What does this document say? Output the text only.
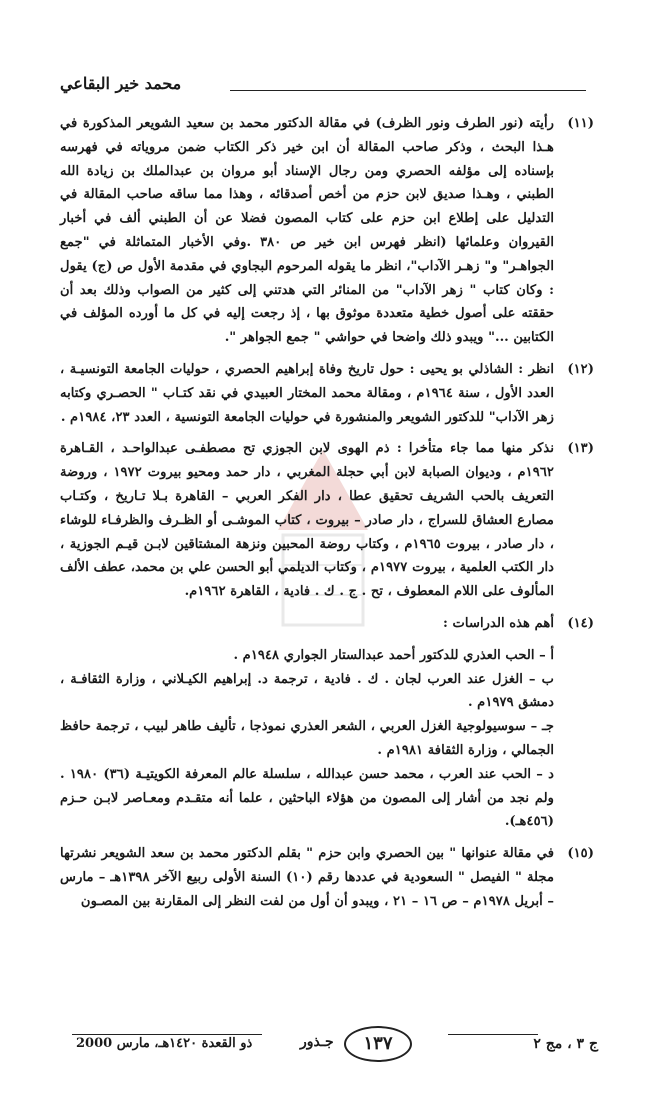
محمد خير البقاعي
(١١)

رأيته (نور الطرف ونور الظرف) في مقالة الدكتور محمد بن سعيد الشويعر المذكورة في هـذا البحث ، وذكر صاحب المقالة أن ابن خير ذكر الكتاب ضمن مروياته في فهرسه بإسناده إلى مؤلفه الحصري ومن رجال الإسناد أبو مروان بن عبدالملك بن زيادة الله الطبني ، وهـذا صديق لابن حزم من أخص أصدقائه ، وهذا مما ساقه صاحب المقالة في التدليل على إطلاع ابن حزم على كتاب المصون فضلا عن أن الطبني ألف في أخبار القيروان وعلمائها (انظر فهرس ابن خير ص ٣٨٠ .وفي الأخبار المتماثلة في "جمع الجواهـر" و" زهـر الآداب"، انظر ما يقوله المرحوم البجاوي في مقدمة الأول ص (ج) يقول : وكان كتاب " زهر الآداب" من المنائر التي هدتني إلى كثير من الصواب وذلك بعد أن حققته على أصول خطية متعددة موثوق بها ، إذ رجعت إليه في كل ما أورده المؤلف في الكتابين ..." ويبدو ذلك واضحا في حواشي " جمع الجواهر ".

(١٢)

انظر : الشاذلي بو يحيى : حول تاريخ وفاة إبراهيم الحصري ، حوليات الجامعة التونسيـة ، العدد الأول ، سنة ١٩٦٤م ، ومقالة محمد المختار العبيدي في نقد كتـاب " الحصـري وكتابه زهر الآداب" للدكتور الشويعر والمنشورة في حوليات الجامعة التونسية ، العدد ٢٣، ١٩٨٤م .

(١٣)

نذكر منها مما جاء متأخرا : ذم الهوى لابن الجوزي تح مصطفـى عبدالواحـد ، القـاهرة ١٩٦٢م ، وديوان الصبابة لابن أبي حجلة المغربي ، دار حمد ومحيو بيروت ١٩٧٢ ، وروضة التعريف بالحب الشريف تحقيق عطا ، دار الفكر العربي – القاهرة بـلا تـاريخ ، وكتـاب مصارع العشاق للسراج ، دار صادر – بيروت ، كتاب الموشـى أو الظـرف والظرفـاء للوشاء ، دار صادر ، بيروت ١٩٦٥م ، وكتاب روضة المحبين ونزهة المشتاقين لابـن قيـم الجوزية ، دار الكتب العلمية ، بيروت ١٩٧٧م ، وكتاب الديلمي أبو الحسن علي بن محمد، عطف الألف المألوف على اللام المعطوف ، تح . ج . ك . فادية ، القاهرة ١٩٦٢م.

(١٤)

أهم هذه الدراسات :

أ – الحب العذري للدكتور أحمد عبدالستار الجواري ١٩٤٨م .

ب – الغزل عند العرب لجان . ك . فادية ، ترجمة د. إبراهيم الكيـلاني ، وزارة الثقافـة ، دمشق ١٩٧٩م .

جـ – سوسيولوجية الغزل العربي ، الشعر العذري نموذجا ، تأليف طاهر لبيب ، ترجمة حافظ الجمالي ، وزارة الثقافة ١٩٨١م .

د – الحب عند العرب ، محمد حسن عبدالله ، سلسلة عالم المعرفة الكويتيـة (٣٦) ١٩٨٠ . ولم نجد من أشار إلى المصون من هؤلاء الباحثين ، علما أنه متقـدم ومعـاصر لابـن حـزم (٤٥٦هـ).

(١٥)

في مقالة عنوانها " بين الحصري وابن حزم " بقلم الدكتور محمد بن سعد الشويعر نشرتها مجلة " الفيصل " السعودية في عددها رقم (١٠) السنة الأولى ربيع الآخر ١٣٩٨هـ – مارس – أبريل ١٩٧٨م – ص ١٦ – ٢١ ، ويبدو أن أول من لفت النظر إلى المقارنة بين المصـون

ذو القعدة ١٤٢٠هـ، مارس 2000	جـذور	١٣٧	ج ٣ ، مج ٢
